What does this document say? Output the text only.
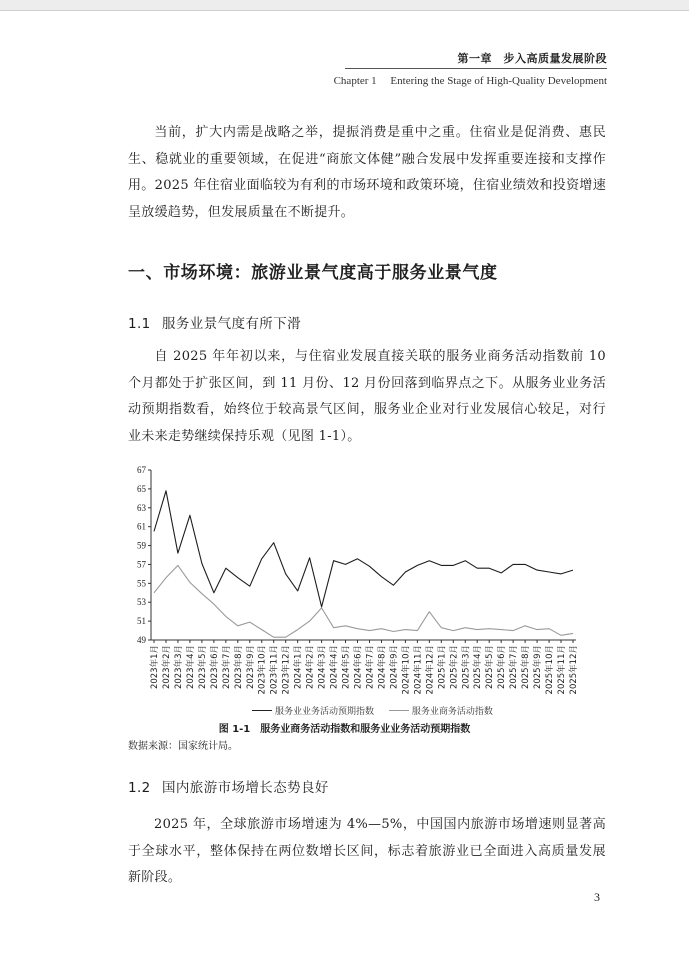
第一章　步入高质量发展阶段
Chapter 1　 Entering the Stage of High-Quality Development
当前，扩大内需是战略之举，提振消费是重中之重。住宿业是促消费、惠民生、稳就业的重要领域，在促进“商旅文体健”融合发展中发挥重要连接和支撑作用。2025 年住宿业面临较为有利的市场环境和政策环境，住宿业绩效和投资增速呈放缓趋势，但发展质量在不断提升。
一、市场环境：旅游业景气度高于服务业景气度
1.1 服务业景气度有所下滑
自 2025 年年初以来，与住宿业发展直接关联的服务业商务活动指数前 10 个月都处于扩张区间，到 11 月份、12 月份回落到临界点之下。从服务业业务活动预期指数看，始终位于较高景气区间，服务业企业对行业发展信心较足，对行业未来走势继续保持乐观（见图 1-1）。
49
51
53
55
57
59
61
63
65
67
2023年1月 2023年2月 2023年3月 2023年4月 2023年5月 2023年6月 2023年7月 2023年8月 2023年9月 2023年10月 2023年11月 2023年12月 2024年1月 2024年2月 2024年3月 2024年4月 2024年5月 2024年6月 2024年7月 2024年8月 2024年9月 2024年10月 2024年11月 2024年12月 2025年1月 2025年2月 2025年3月 2025年4月 2025年5月 2025年6月 2025年7月 2025年8月 2025年9月 2025年10月 2025年11月 2025年12月
服务业业务活动预期指数
	服务业商务活动指数
图 1-1 服务业商务活动指数和服务业业务活动预期指数
数据来源：国家统计局。
1.2 国内旅游市场增长态势良好
2025 年，全球旅游市场增速为 4%—5%，中国国内旅游市场增速则显著高于全球水平，整体保持在两位数增长区间，标志着旅游业已全面进入高质量发展新阶段。
3
